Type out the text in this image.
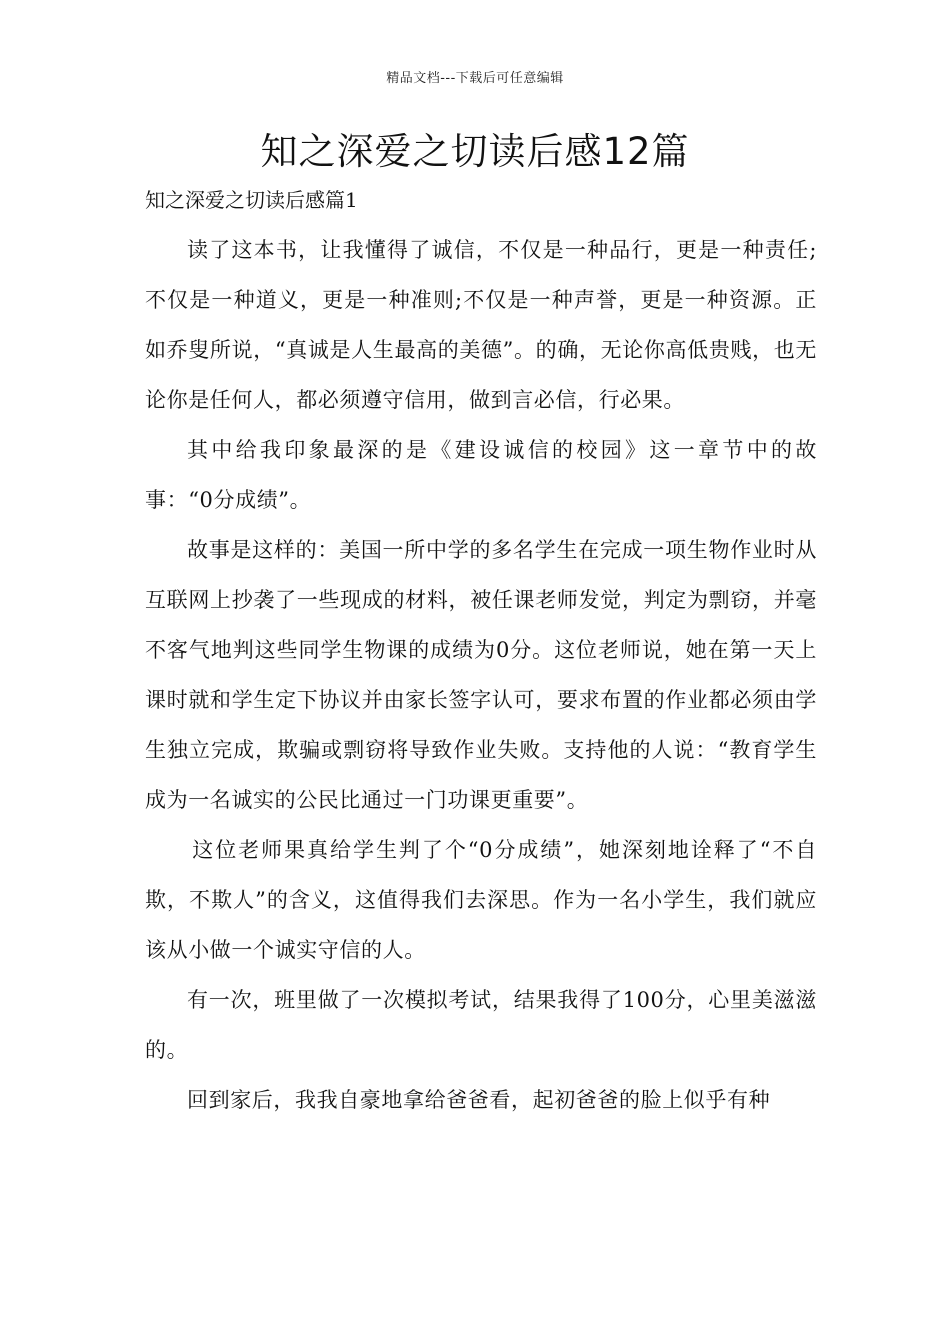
精品文档---下载后可任意编辑
知之深爱之切读后感12篇
知之深爱之切读后感篇1

读了这本书，让我懂得了诚信，不仅是一种品行，更是一种责任;不仅是一种道义，更是一种准则;不仅是一种声誉，更是一种资源。正如乔叟所说，“真诚是人生最高的美德”。的确，无论你高低贵贱，也无论你是任何人，都必须遵守信用，做到言必信，行必果。

其中给我印象最深的是《建设诚信的校园》这一章节中的故事：“0分成绩”。

故事是这样的：美国一所中学的多名学生在完成一项生物作业时从互联网上抄袭了一些现成的材料，被任课老师发觉，判定为剽窃，并毫不客气地判这些同学生物课的成绩为0分。这位老师说，她在第一天上课时就和学生定下协议并由家长签字认可，要求布置的作业都必须由学生独立完成，欺骗或剽窃将导致作业失败。支持他的人说：“教育学生成为一名诚实的公民比通过一门功课更重要”。

这位老师果真给学生判了个“0分成绩”，她深刻地诠释了“不自欺，不欺人”的含义，这值得我们去深思。作为一名小学生，我们就应该从小做一个诚实守信的人。

有一次，班里做了一次模拟考试，结果我得了100分，心里美滋滋的。

回到家后，我我自豪地拿给爸爸看，起初爸爸的脸上似乎有种
